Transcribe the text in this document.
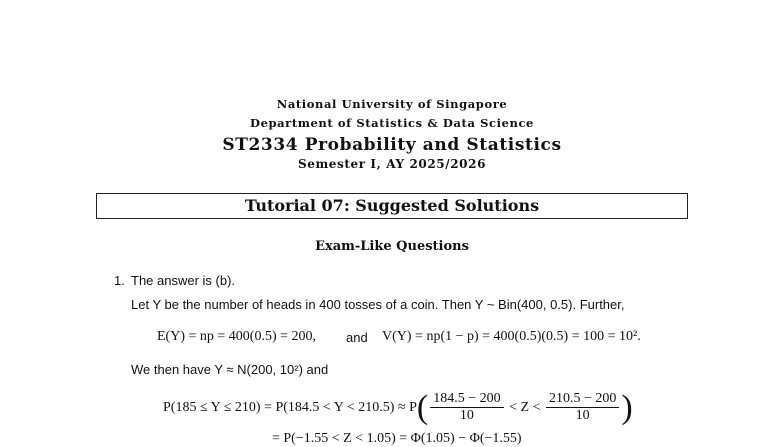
National University of Singapore
Department of Statistics & Data Science
ST2334 Probability and Statistics
Semester I, AY 2025/2026
Tutorial 07: Suggested Solutions
Exam-Like Questions
1. The answer is (b).
Let Y be the number of heads in 400 tosses of a coin. Then Y ~ Bin(400, 0.5). Further,
E(Y) = np = 400(0.5) = 200, and V(Y) = np(1 − p) = 400(0.5)(0.5) = 100 = 10².
We then have Y ≈ N(200, 10²) and
$P(185 \le Y \le 210) = P(184.5 < Y < 210.5) \approx P( \frac{184.5 - 200}{10} < Z < \frac{210.5 - 200}{10}$ )
= P(−1.55 < Z < 1.05) = Φ(1.05) − Φ(−1.55)
